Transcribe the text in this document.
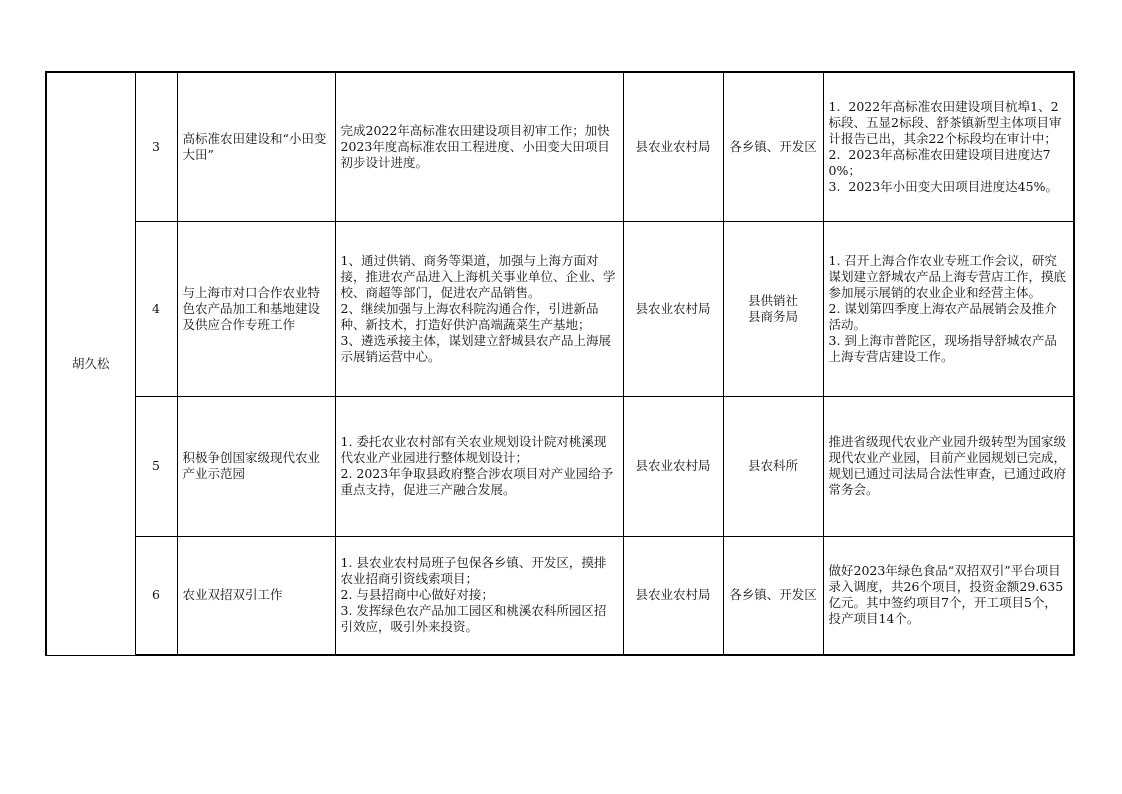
胡久松	3	高标准农田建设和“小田变大田”	完成2022年高标准农田建设项目初审工作；加快2023年度高标准农田工程进度、小田变大田项目初步设计进度。	县农业农村局	各乡镇、开发区	1.  2022年高标准农田建设项目杭埠1、2标段、五显2标段、舒茶镇新型主体项目审计报告已出，其余22个标段均在审计中；
2.  2023年高标准农田建设项目进度达70%；
3.  2023年小田变大田项目进度达45%。

	4	与上海市对口合作农业特色农产品加工和基地建设及供应合作专班工作	1、通过供销、商务等渠道，加强与上海方面对接，推进农产品进入上海机关事业单位、企业、学校、商超等部门，促进农产品销售。
2、继续加强与上海农科院沟通合作，引进新品种、新技术，打造好供沪高端蔬菜生产基地；
3、遴选承接主体，谋划建立舒城县农产品上海展示展销运营中心。	县农业农村局	县供销社
县商务局	1. 召开上海合作农业专班工作会议，研究谋划建立舒城农产品上海专营店工作，摸底参加展示展销的农业企业和经营主体。
2. 谋划第四季度上海农产品展销会及推介活动。
3. 到上海市普陀区，现场指导舒城农产品上海专营店建设工作。

	5	积极争创国家级现代农业产业示范园	1. 委托农业农村部有关农业规划设计院对桃溪现代农业产业园进行整体规划设计；
2. 2023年争取县政府整合涉农项目对产业园给予重点支持，促进三产融合发展。	县农业农村局	县农科所	推进省级现代农业产业园升级转型为国家级现代农业产业园，目前产业园规划已完成，规划已通过司法局合法性审查，已通过政府常务会。

	6	农业双招双引工作	1. 县农业农村局班子包保各乡镇、开发区，摸排农业招商引资线索项目；
2. 与县招商中心做好对接；
3. 发挥绿色农产品加工园区和桃溪农科所园区招引效应，吸引外来投资。	县农业农村局	各乡镇、开发区	做好2023年绿色食品“双招双引”平台项目录入调度，共26个项目，投资金额29.635亿元。其中签约项目7个，开工项目5个，投产项目14个。
